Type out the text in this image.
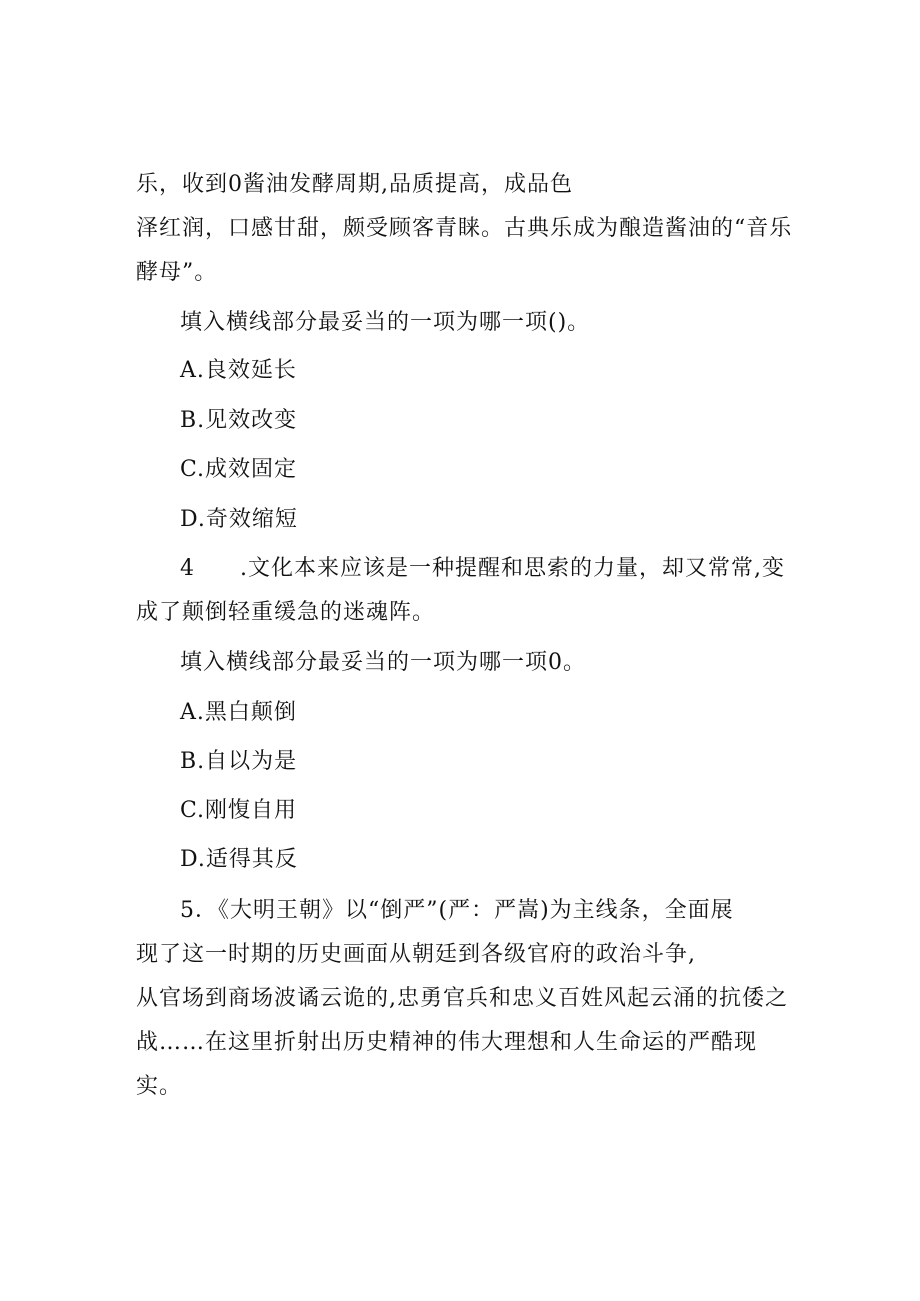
乐，收到0酱油发酵周期,品质提高，成品色
泽红润，口感甘甜，颇受顾客青睐。古典乐成为酿造酱油的“音乐
酵母”。
填入横线部分最妥当的一项为哪一项()。
A.良效延长
B.见效改变
C.成效固定
D.奇效缩短
4 .文化本来应该是一种提醒和思索的力量，却又常常,变
成了颠倒轻重缓急的迷魂阵。
填入横线部分最妥当的一项为哪一项0。
A.黑白颠倒
B.自以为是
C.刚愎自用
D.适得其反
5．《大明王朝》以“倒严”(严：严嵩)为主线条，全面展
现了这一时期的历史画面从朝廷到各级官府的政治斗争,
从官场到商场波谲云诡的,忠勇官兵和忠义百姓风起云涌的抗倭之
战……在这里折射出历史精神的伟大理想和人生命运的严酷现
实。
